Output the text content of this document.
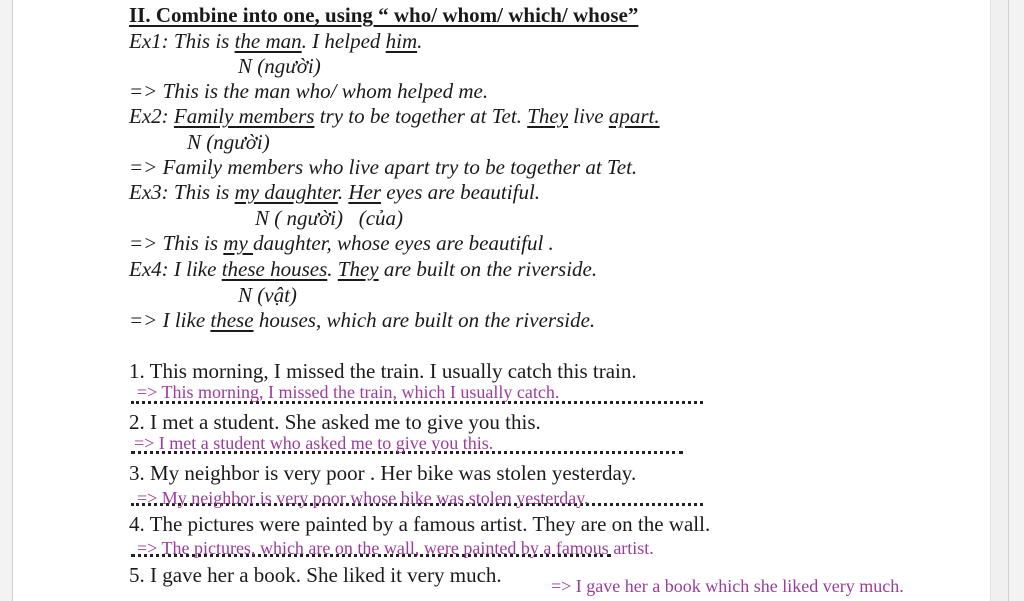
II. Combine into one, using “ who/ whom/ which/ whose”
Ex1: This is the man. I helped him.
N (người)
=> This is the man who/ whom helped me.
Ex2: Family members try to be together at Tet. They live apart.
N (người)
=> Family members who live apart try to be together at Tet.
Ex3: This is my daughter. Her eyes are beautiful.
N ( người)   (của)
=> This is my daughter, whose eyes are beautiful .
Ex4: I like these houses. They are built on the riverside.
N (vật)
=> I like these houses, which are built on the riverside.
1. This morning, I missed the train. I usually catch this train.
=> This morning, I missed the train, which I usually catch.
2. I met a student. She asked me to give you this.
=> I met a student who asked me to give you this.
3. My neighbor is very poor . Her bike was stolen yesterday.
=> My neighbor is very poor whose bike was stolen yesterday.
4. The pictures were painted by a famous artist. They are on the wall.
=> The pictures, which are on the wall, were painted by a famous artist.
5. I gave her a book. She liked it very much.	=> I gave her a book which she liked very much.
